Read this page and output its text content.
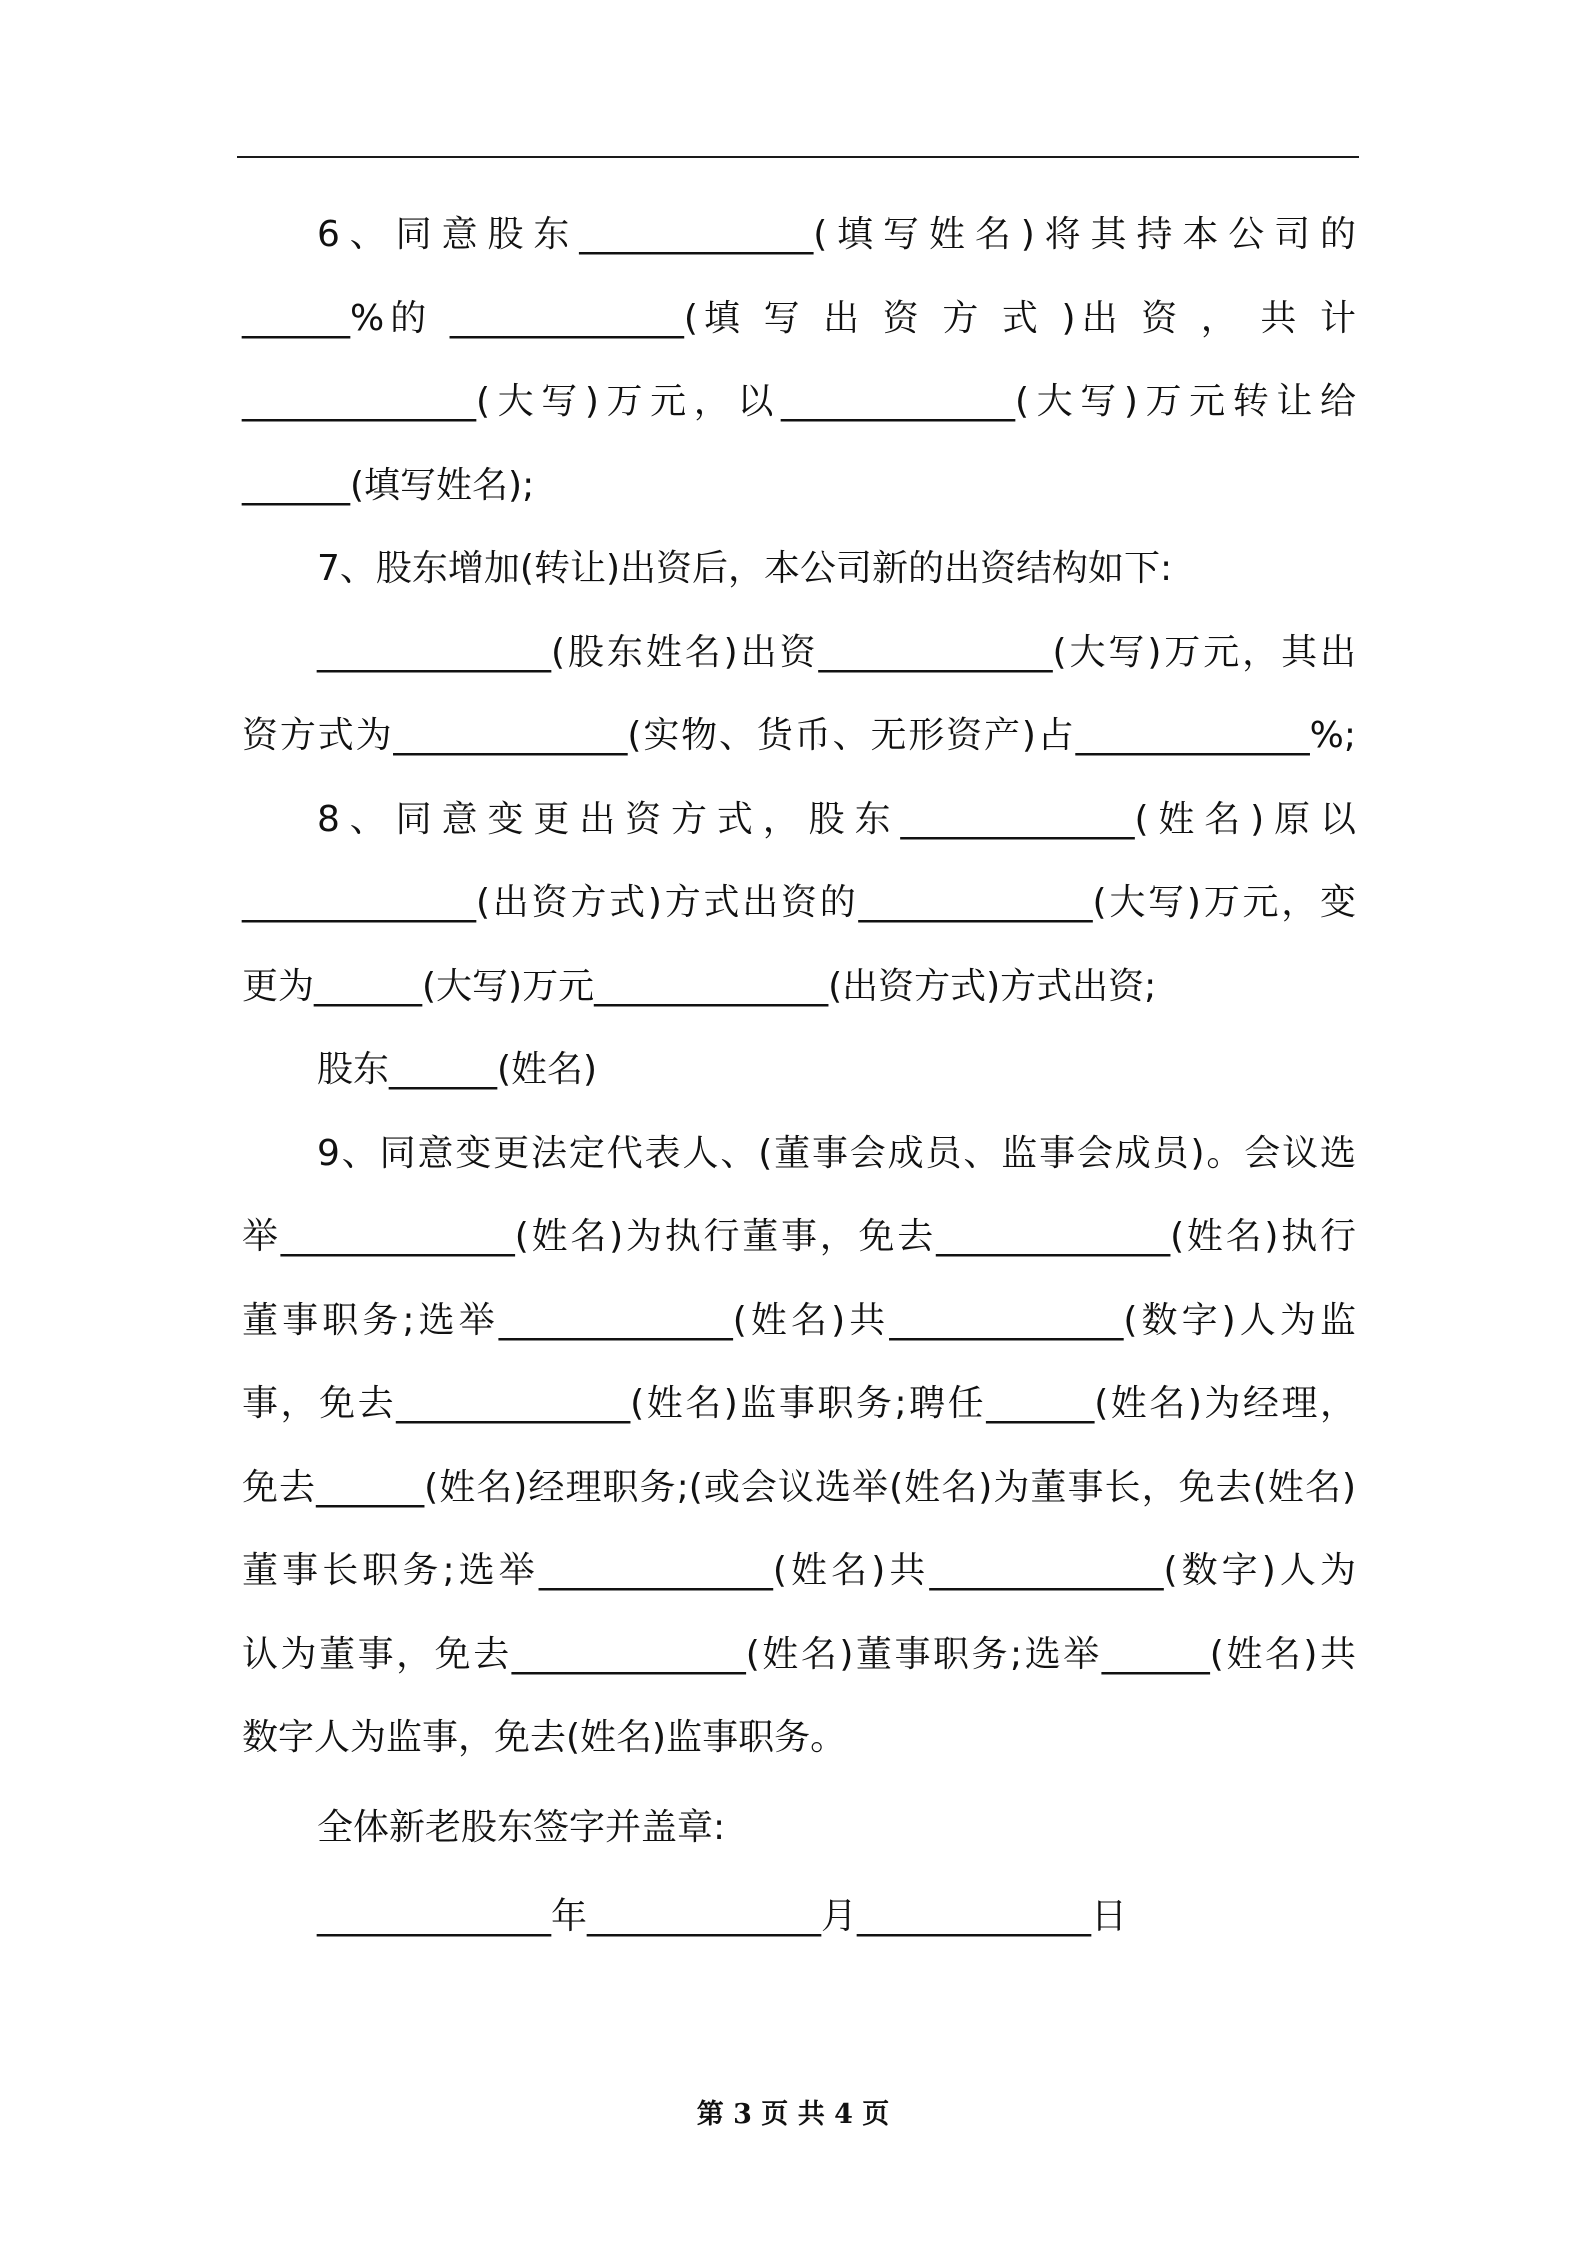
6、同意股东_____________(填写姓名)将其持本公司的
______%的 _____________(填 写 出 资 方 式 )出 资 ， 共 计
_____________(大写)万元，以_____________(大写)万元转让给
______(填写姓名);
7、股东增加(转让)出资后，本公司新的出资结构如下:
_____________(股东姓名)出资_____________(大写)万元，其出
资方式为_____________(实物、货币、无形资产)占_____________%;
8、同意变更出资方式，股东_____________(姓名)原以
_____________(出资方式)方式出资的_____________(大写)万元，变
更为______(大写)万元_____________(出资方式)方式出资;
股东______(姓名)
9、同意变更法定代表人、(董事会成员、监事会成员)。会议选
举_____________(姓名)为执行董事，免去_____________(姓名)执行
董事职务;选举_____________(姓名)共_____________(数字)人为监
事，免去_____________(姓名)监事职务;聘任______(姓名)为经理，
免去______(姓名)经理职务;(或会议选举(姓名)为董事长，免去(姓名)
董事长职务;选举_____________(姓名)共_____________(数字)人为
认为董事，免去_____________(姓名)董事职务;选举______(姓名)共
数字人为监事，免去(姓名)监事职务。
全体新老股东签字并盖章:
_____________年_____________月_____________日
第 3 页 共 4 页
